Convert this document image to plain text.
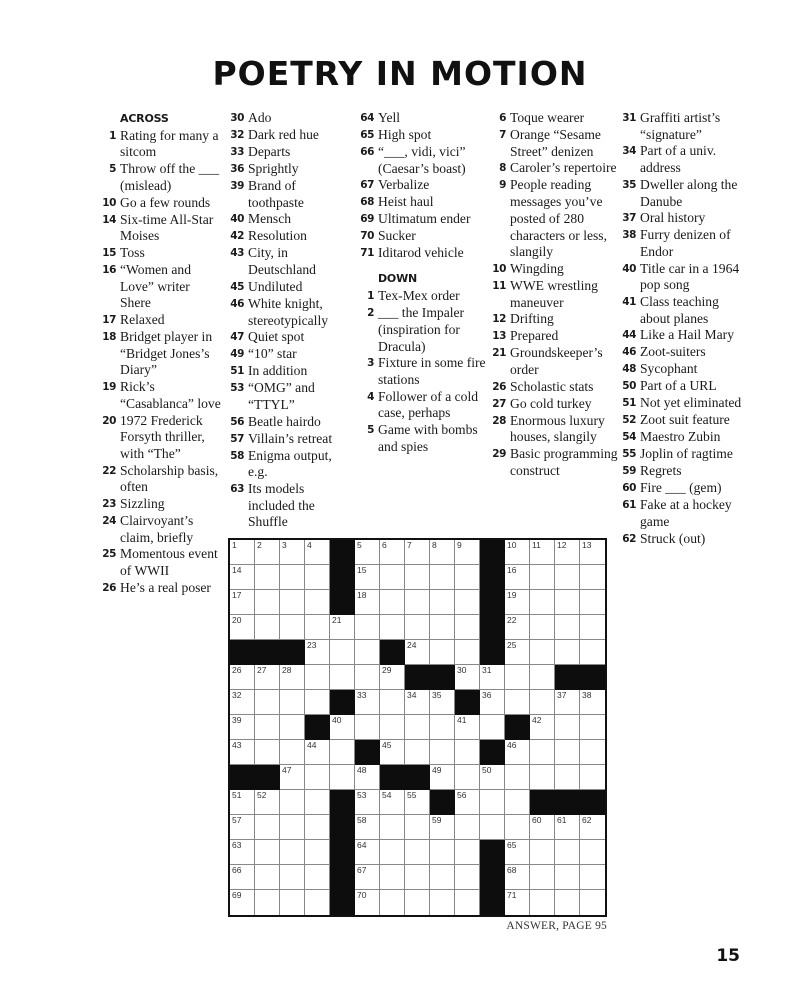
POETRY IN MOTION
ACROSS
1 Rating for many a sitcom
5 Throw off the ___ (mislead)
10 Go a few rounds
14 Six-time All-Star Moises
15 Toss
16 “Women and Love” writer Shere
17 Relaxed
18 Bridget player in “Bridget Jones’s Diary”
19 Rick’s “Casablanca” love
20 1972 Frederick Forsyth thriller, with “The”
22 Scholarship basis, often
23 Sizzling
24 Clairvoyant’s claim, briefly
25 Momentous event of WWII
26 He’s a real poser
30 Ado
32 Dark red hue
33 Departs
36 Sprightly
39 Brand of toothpaste
40 Mensch
42 Resolution
43 City, in Deutschland
45 Undiluted
46 White knight, stereotypically
47 Quiet spot
49 “10” star
51 In addition
53 “OMG” and “TTYL”
56 Beatle hairdo
57 Villain’s retreat
58 Enigma output, e.g.
63 Its models included the Shuffle
64 Yell
65 High spot
66 “___, vidi, vici” (Caesar’s boast)
67 Verbalize
68 Heist haul
69 Ultimatum ender
70 Sucker
71 Iditarod vehicle
DOWN
1 Tex-Mex order
2 ___ the Impaler (inspiration for Dracula)
3 Fixture in some fire stations
4 Follower of a cold case, perhaps
5 Game with bombs and spies
6 Toque wearer
7 Orange “Sesame Street” denizen
8 Caroler’s repertoire
9 People reading messages you’ve posted of 280 characters or less, slangily
10 Wingding
11 WWE wrestling maneuver
12 Drifting
13 Prepared
21 Groundskeeper’s order
26 Scholastic stats
27 Go cold turkey
28 Enormous luxury houses, slangily
29 Basic programming construct
31 Graffiti artist’s “signature”
34 Part of a univ. address
35 Dweller along the Danube
37 Oral history
38 Furry denizen of Endor
40 Title car in a 1964 pop song
41 Class teaching about planes
44 Like a Hail Mary
46 Zoot-suiters
48 Sycophant
50 Part of a URL
51 Not yet eliminated
52 Zoot suit feature
54 Maestro Zubin
55 Joplin of ragtime
59 Regrets
60 Fire ___ (gem)
61 Fake at a hockey game
62 Struck (out)
1 2 3 4	5 6 7 8 9	10 11 12 13
14	15	16
17	18	19
20	21	22
23	24	25
26 27 28	29	30 31
32	33	34 35	36	37 38
39	40	41	42
43	44	45	46
47	48	49	50
51 52	53 54 55	56
57	58	59	60 61 62
63	64	65
66	67	68
69	70	71
ANSWER, PAGE 95
15
